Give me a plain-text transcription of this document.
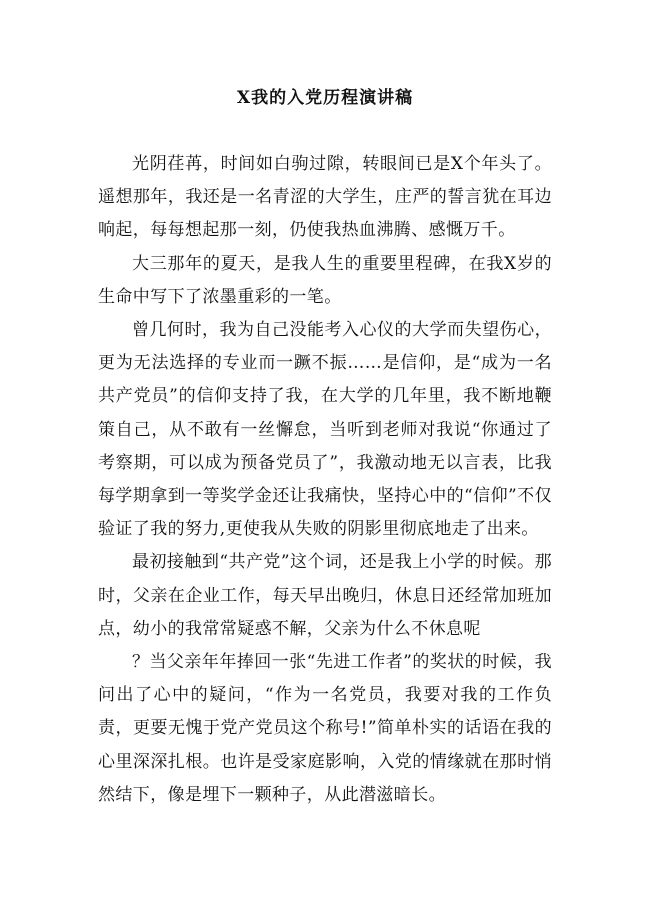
X我的入党历程演讲稿

光阴荏苒，时间如白驹过隙，转眼间已是X个年头了。遥想那年，我还是一名青涩的大学生，庄严的誓言犹在耳边响起，每每想起那一刻，仍使我热血沸腾、感慨万千。

大三那年的夏天，是我人生的重要里程碑，在我X岁的生命中写下了浓墨重彩的一笔。

曾几何时，我为自己没能考入心仪的大学而失望伤心，更为无法选择的专业而一蹶不振……是信仰，是“成为一名共产党员”的信仰支持了我，在大学的几年里，我不断地鞭策自己，从不敢有一丝懈怠，当听到老师对我说“你通过了考察期，可以成为预备党员了”，我激动地无以言表，比我每学期拿到一等奖学金还让我痛快，坚持心中的“信仰”不仅验证了我的努力,更使我从失败的阴影里彻底地走了出来。

最初接触到“共产党”这个词，还是我上小学的时候。那时，父亲在企业工作，每天早出晚归，休息日还经常加班加点，幼小的我常常疑惑不解，父亲为什么不休息呢

？当父亲年年捧回一张“先进工作者”的奖状的时候，我问出了心中的疑问，“作为一名党员，我要对我的工作负责，更要无愧于党产党员这个称号!”简单朴实的话语在我的心里深深扎根。也许是受家庭影响，入党的情缘就在那时悄然结下，像是埋下一颗种子，从此潜滋暗长。
